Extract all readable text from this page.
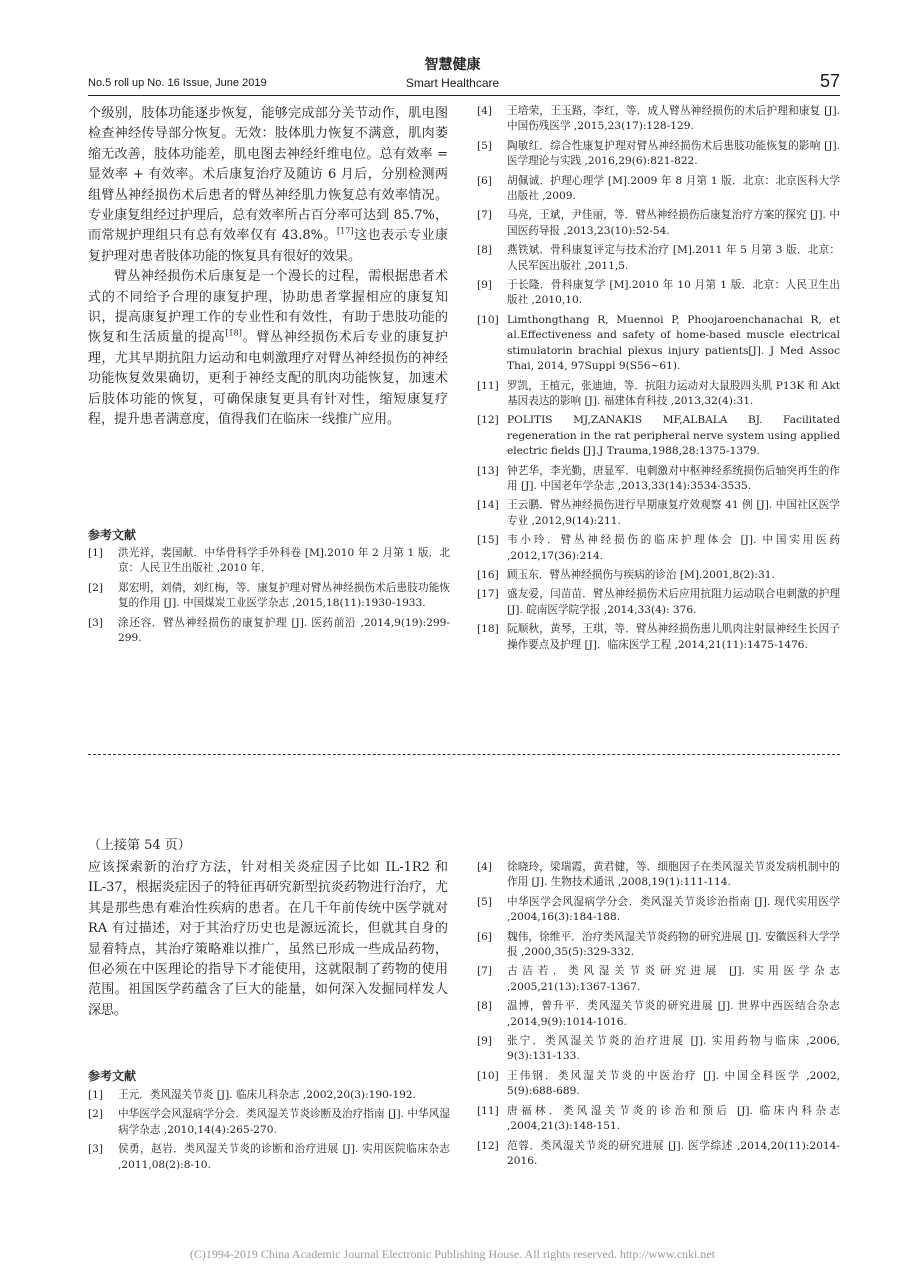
智慧健康
No.5 roll up No. 16 Issue, June 2019	Smart Healthcare	57

个级别，肢体功能逐步恢复，能够完成部分关节动作，肌电图检查神经传导部分恢复。无效：肢体肌力恢复不满意，肌肉萎缩无改善，肢体功能差，肌电图去神经纤维电位。总有效率 = 显效率 + 有效率。术后康复治疗及随访 6 月后，分别检测两组臂丛神经损伤术后患者的臂丛神经肌力恢复总有效率情况。专业康复组经过护理后，总有效率所占百分率可达到 85.7%，而常规护理组只有总有效率仅有 43.8%。[17]这也表示专业康复护理对患者肢体功能的恢复具有很好的效果。

臂丛神经损伤术后康复是一个漫长的过程，需根据患者术式的不同给予合理的康复护理，协助患者掌握相应的康复知识，提高康复护理工作的专业性和有效性，有助于患肢功能的恢复和生活质量的提高[18]。臂丛神经损伤术后专业的康复护理，尤其早期抗阻力运动和电刺激理疗对臂丛神经损伤的神经功能恢复效果确切，更利于神经支配的肌肉功能恢复，加速术后肢体功能的恢复，可确保康复更具有针对性，缩短康复疗程，提升患者满意度，值得我们在临床一线推广应用。

参考文献
[1]	洪光祥，裴国献．中华骨科学手外科卷 [M].2010 年 2 月第 1 版．北京：人民卫生出版社 ,2010 年．
[2]	郑宏明，刘倩，刘红梅，等．康复护理对臂丛神经损伤术后患肢功能恢复的作用 [J]. 中国煤炭工业医学杂志 ,2015,18(11):1930-1933.
[3]	涂还容．臂丛神经损伤的康复护理 [J]. 医药前沿 ,2014,9(19):299-299.
[4]	王培荣，王玉路，李红，等．成人臂丛神经损伤的术后护理和康复 [J]. 中国伤残医学 ,2015,23(17):128-129.
[5]	陶敏红．综合性康复护理对臂丛神经损伤术后患肢功能恢复的影响 [J]. 医学理论与实践 ,2016,29(6):821-822.
[6]	胡佩诚．护理心理学 [M].2009 年 8 月第 1 版．北京：北京医科大学出版社 ,2009.
[7]	马亮，王斌，尹佳丽，等．臂丛神经损伤后康复治疗方案的探究 [J]. 中国医药导报 ,2013,23(10):52-54.
[8]	燕铁斌．骨科康复评定与技术治疗 [M].2011 年 5 月第 3 版．北京：人民军医出版社 ,2011,5.
[9]	于长隆．骨科康复学 [M].2010 年 10 月第 1 版．北京：人民卫生出版社 ,2010,10.
[10] Limthongthang R, Muennoi P, Phoojaroenchanachai R, et al.Effectiveness and safety of home-based muscle electrical stimulatorin brachial plexus injury patients[J]. J Med Assoc Thai, 2014, 97Suppl 9(S56~61).
[11] 罗凯，王植元，张迪迪，等．抗阻力运动对大鼠股四头肌 P13K 和 Akt 基因表达的影响 [J]. 福建体育科技 ,2013,32(4):31.
[12] POLITIS MJ,ZANAKIS MF,ALBALA BJ. Facilitated regeneration in the rat peripheral nerve system using applied electric fields [J].J Trauma,1988,28:1375-1379.
[13] 钟艺华，李光勤，唐显军．电刺激对中枢神经系统损伤后轴突再生的作用 [J]. 中国老年学杂志 ,2013,33(14):3534-3535.
[14] 王云鹏．臂丛神经损伤进行早期康复疗效观察 41 例 [J]. 中国社区医学专业 ,2012,9(14):211.
[15] 韦小玲．臂丛神经损伤的临床护理体会 [J]. 中国实用医药 ,2012,17(36):214.
[16] 顾玉东．臂丛神经损伤与疾病的诊治 [M].2001,8(2):31.
[17] 盛友爱，闫苗苗．臂丛神经损伤术后应用抗阻力运动联合电刺激的护理 [J]. 皖南医学院学报 ,2014,33(4): 376.
[18] 阮顺秋，黄琴，王琪，等．臂丛神经损伤患儿肌肉注射鼠神经生长因子操作要点及护理 [J]．临床医学工程 ,2014,21(11):1475-1476.
（上接第 54 页）

应该探索新的治疗方法，针对相关炎症因子比如 IL-1R2 和 IL-37，根据炎症因子的特征再研究新型抗炎药物进行治疗，尤其是那些患有难治性疾病的患者。在几千年前传统中医学就对 RA 有过描述，对于其治疗历史也是源远流长，但就其自身的显着特点，其治疗策略难以推广，虽然已形成一些成品药物，但必须在中医理论的指导下才能使用，这就限制了药物的使用范围。祖国医学药蕴含了巨大的能量，如何深入发掘同样发人深思。

参考文献
[1]	王元．类风湿关节炎 [J]. 临床儿科杂志 ,2002,20(3):190-192.
[2]	中华医学会风湿病学分会．类风湿关节炎诊断及治疗指南 [J]. 中华风湿病学杂志 ,2010,14(4):265-270.
[3]	侯勇，赵岩．类风湿关节炎的诊断和治疗进展 [J]. 实用医院临床杂志 ,2011,08(2):8-10.
[4]	徐晓玲，梁瑞霞，黄君健，等．细胞因子在类风湿关节炎发病机制中的作用 [J]. 生物技术通讯 ,2008,19(1):111-114.
[5]	中华医学会风湿病学分会．类风湿关节炎诊治指南 [J]. 现代实用医学 ,2004,16(3):184-188.
[6]	魏伟，徐维平．治疗类风湿关节炎药物的研究进展 [J]. 安徽医科大学学报 ,2000,35(5):329-332.
[7]	古洁若．类风湿关节炎研究进展 [J]. 实用医学杂志 ,2005,21(13):1367-1367.
[8]	温博，曾升平．类风湿关节炎的研究进展 [J]. 世界中西医结合杂志 ,2014,9(9):1014-1016.
[9]	张宁．类风湿关节炎的治疗进展 [J]. 实用药物与临床 ,2006, 9(3):131-133.
[10] 王伟钢．类风湿关节炎的中医治疗 [J]. 中国全科医学 ,2002, 5(9):688-689.
[11] 唐福林．类风湿关节炎的诊治和预后 [J]. 临床内科杂志 ,2004,21(3):148-151.
[12] 范蓉．类风湿关节炎的研究进展 [J]. 医学综述 ,2014,20(11):2014-2016.
(C)1994-2019 China Academic Journal Electronic Publishing House. All rights reserved. http://www.cnki.net
